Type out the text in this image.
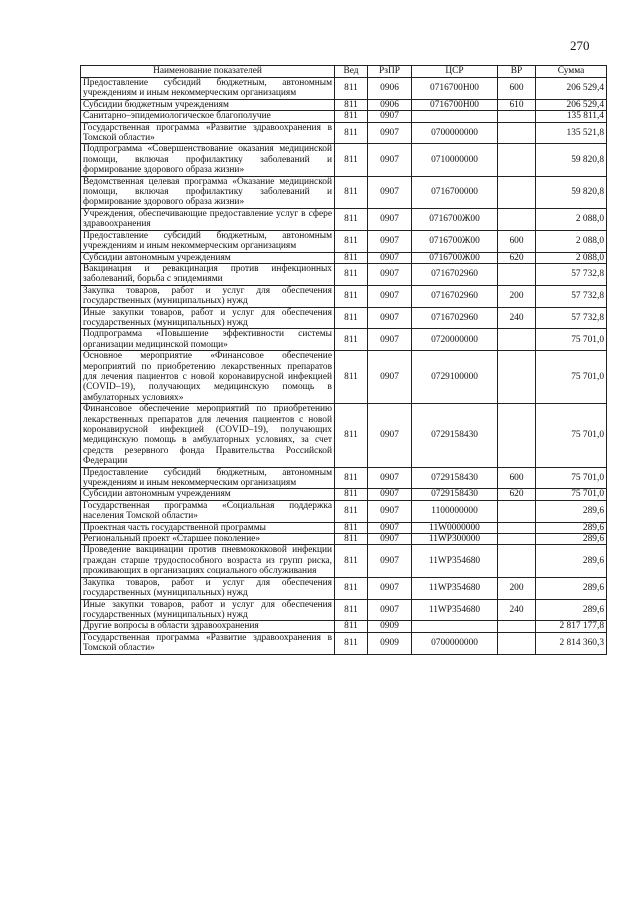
270
Наименование показателей	Вед	РзПР	ЦСР	ВР	Сумма
Предоставление субсидий бюджетным, автономным учреждениям и иным некоммерческим организациям	811	0906	0716700Н00	600	206 529,4
Субсидии бюджетным учреждениям	811	0906	0716700Н00	610	206 529,4
Санитарно–эпидемиологическое благополучие	811	0907			135 811,4
Государственная программа «Развитие здравоохранения в Томской области»	811	0907	0700000000		135 521,8
Подпрограмма «Совершенствование оказания медицинской помощи, включая профилактику заболеваний и формирование здорового образа жизни»	811	0907	0710000000		59 820,8
Ведомственная целевая программа «Оказание медицинской помощи, включая профилактику заболеваний и формирование здорового образа жизни»	811	0907	0716700000		59 820,8
Учреждения, обеспечивающие предоставление услуг в сфере здравоохранения	811	0907	0716700Ж00		2 088,0
Предоставление субсидий бюджетным, автономным учреждениям и иным некоммерческим организациям	811	0907	0716700Ж00	600	2 088,0
Субсидии автономным учреждениям	811	0907	0716700Ж00	620	2 088,0
Вакцинация и ревакцинация против инфекционных заболеваний, борьба с эпидемиями	811	0907	0716702960		57 732,8
Закупка товаров, работ и услуг для обеспечения государственных (муниципальных) нужд	811	0907	0716702960	200	57 732,8
Иные закупки товаров, работ и услуг для обеспечения государственных (муниципальных) нужд	811	0907	0716702960	240	57 732,8
Подпрограмма «Повышение эффективности системы организации медицинской помощи»	811	0907	0720000000		75 701,0
Основное мероприятие «Финансовое обеспечение мероприятий по приобретению лекарственных препаратов для лечения пациентов с новой коронавирусной инфекцией (COVID–19), получающих медицинскую помощь в амбулаторных условиях»	811	0907	0729100000		75 701,0
Финансовое обеспечение мероприятий по приобретению лекарственных препаратов для лечения пациентов с новой коронавирусной инфекцией (COVID–19), получающих медицинскую помощь в амбулаторных условиях, за счет средств резервного фонда Правительства Российской Федерации	811	0907	0729158430		75 701,0
Предоставление субсидий бюджетным, автономным учреждениям и иным некоммерческим организациям	811	0907	0729158430	600	75 701,0
Субсидии автономным учреждениям	811	0907	0729158430	620	75 701,0
Государственная программа «Социальная поддержка населения Томской области»	811	0907	1100000000		289,6
Проектная часть государственной программы	811	0907	11W0000000		289,6
Региональный проект «Старшее поколение»	811	0907	11WP300000		289,6
Проведение вакцинации против пневмококковой инфекции граждан старше трудоспособного возраста из групп риска, проживающих в организациях социального обслуживания	811	0907	11WP354680		289,6
Закупка товаров, работ и услуг для обеспечения государственных (муниципальных) нужд	811	0907	11WP354680	200	289,6
Иные закупки товаров, работ и услуг для обеспечения государственных (муниципальных) нужд	811	0907	11WP354680	240	289,6
Другие вопросы в области здравоохранения	811	0909			2 817 177,8
Государственная программа «Развитие здравоохранения в Томской области»	811	0909	0700000000		2 814 360,3
